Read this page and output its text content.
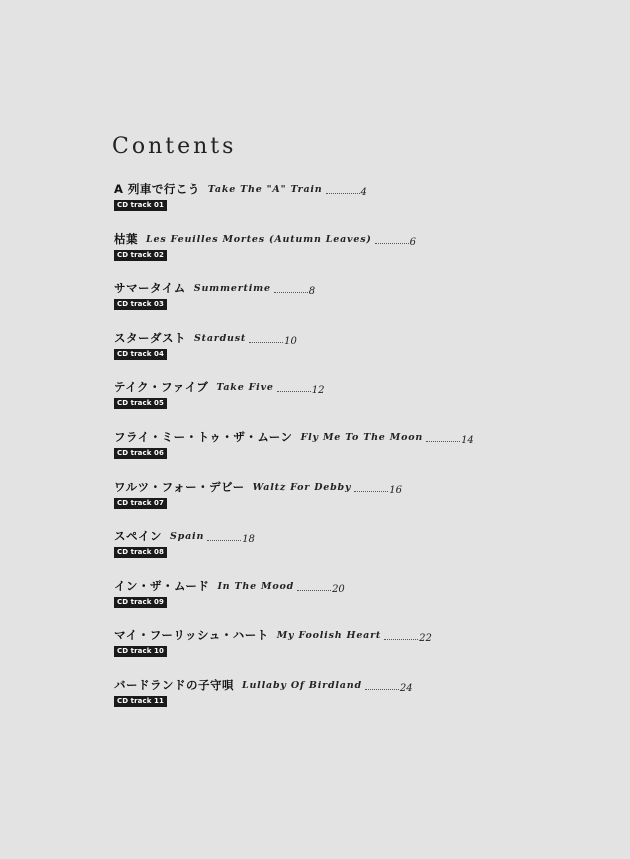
Contents
A 列車で行こう Take The "A" Train	4
CD track 01
枯葉 Les Feuilles Mortes (Autumn Leaves)	6
CD track 02
サマータイム Summertime	8
CD track 03
スターダスト Stardust	10
CD track 04
テイク・ファイブ Take Five	12
CD track 05
フライ・ミー・トゥ・ザ・ムーン Fly Me To The Moon	14
CD track 06
ワルツ・フォー・デビー Waltz For Debby	16
CD track 07
スペイン Spain	18
CD track 08
イン・ザ・ムード In The Mood	20
CD track 09
マイ・フーリッシュ・ハート My Foolish Heart	22
CD track 10
バードランドの子守唄 Lullaby Of Birdland	24
CD track 11
